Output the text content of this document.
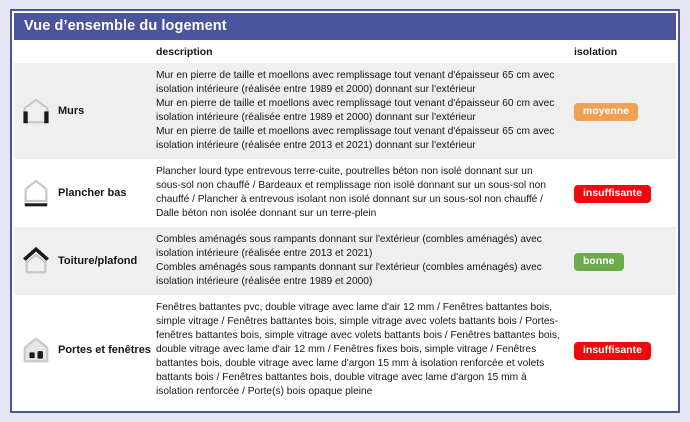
Vue d’ensemble du logement
description	isolation
Murs
Mur en pierre de taille et moellons avec remplissage tout venant d'épaisseur 65 cm avec isolation intérieure (réalisée entre 1989 et 2000) donnant sur l'extérieur
Mur en pierre de taille et moellons avec remplissage tout venant d'épaisseur 60 cm avec isolation intérieure (réalisée entre 1989 et 2000) donnant sur l'extérieur
Mur en pierre de taille et moellons avec remplissage tout venant d'épaisseur 65 cm avec isolation intérieure (réalisée entre 2013 et 2021) donnant sur l'extérieur
moyenne
Plancher bas
Plancher lourd type entrevous terre-cuite, poutrelles béton non isolé donnant sur un sous-sol non chauffé / Bardeaux et remplissage non isolé donnant sur un sous-sol non chauffé / Plancher à entrevous isolant non isolé donnant sur un sous-sol non chauffé / Dalle béton non isolée donnant sur un terre-plein
insuffisante
Toiture/plafond
Combles aménagés sous rampants donnant sur l'extérieur (combles aménagés) avec isolation intérieure (réalisée entre 2013 et 2021)
Combles aménagés sous rampants donnant sur l'extérieur (combles aménagés) avec isolation intérieure (réalisée entre 1989 et 2000)
bonne
Portes et fenêtres
Fenêtres battantes pvc, double vitrage avec lame d'air 12 mm / Fenêtres battantes bois, simple vitrage / Fenêtres battantes bois, simple vitrage avec volets battants bois / Portes-fenêtres battantes bois, simple vitrage avec volets battants bois / Fenêtres battantes bois, double vitrage avec lame d'air 12 mm / Fenêtres fixes bois, simple vitrage / Fenêtres battantes bois, double vitrage avec lame d'argon 15 mm à isolation renforcée et volets battants bois / Fenêtres battantes bois, double vitrage avec lame d'argon 15 mm à isolation renforcée / Porte(s) bois opaque pleine
insuffisante
